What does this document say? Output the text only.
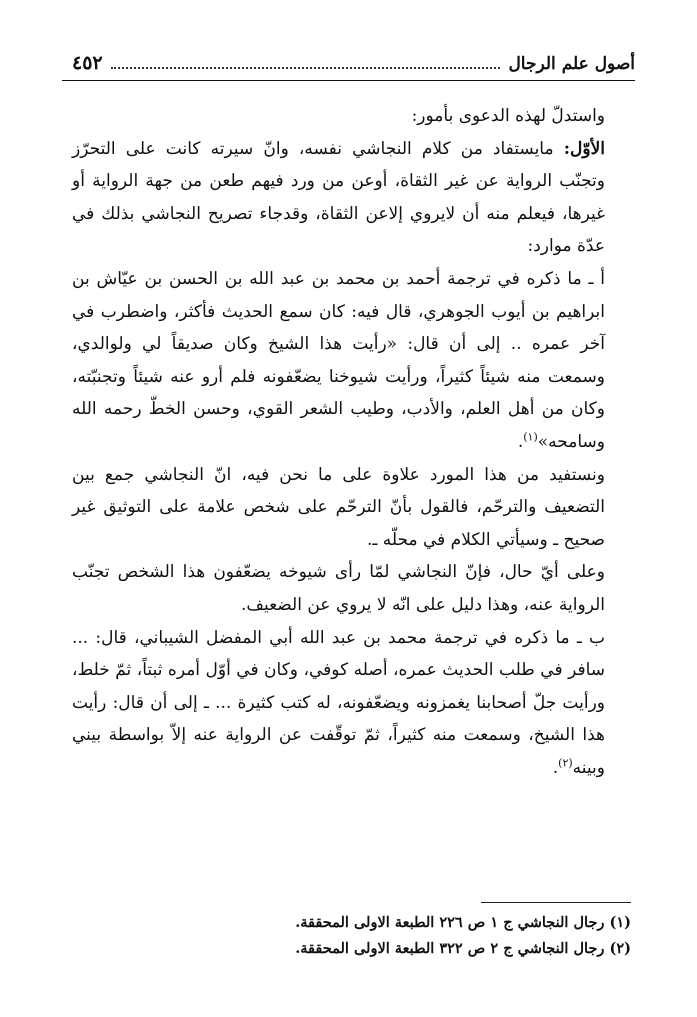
٤٥٢	أصول علم الرجال

واستدلّ لهذه الدعوى بأمور:

الأوّل: مايستفاد من كلام النجاشي نفسه، وانّ سيرته كانت على التحرّز وتجنّب الرواية عن غير الثقاة، أوعن من ورد فيهم طعن من جهة الرواية أو غيرها، فيعلم منه أن لايروي إلاعن الثقاة، وقدجاء تصريح النجاشي بذلك في عدّة موارد:

أ ـ ما ذكره في ترجمة أحمد بن محمد بن عبد الله بن الحسن بن عيّاش بن ابراهيم بن أيوب الجوهري، قال فيه: كان سمع الحديث فأكثر، واضطرب في آخر عمره .. إلى أن قال: «رأيت هذا الشيخ وكان صديقاً لي ولوالدي، وسمعت منه شيئاً كثيراً، ورأيت شيوخنا يضعّفونه فلم أرو عنه شيئاً وتجنبّته، وكان من أهل العلم، والأدب، وطيب الشعر القوي، وحسن الخطّ رحمه الله وسامحه»$^{(١)}$.

ونستفيد من هذا المورد علاوة على ما نحن فيه، انّ النجاشي جمع بين التضعيف والترحّم، فالقول بأنّ الترحّم على شخص علامة على التوثيق غير صحيح ـ وسيأتي الكلام في محلّه ـ.

وعلى أيّ حال، فإنّ النجاشي لمّا رأى شيوخه يضعّفون هذا الشخص تجنّب الرواية عنه، وهذا دليل على انّه لا يروي عن الضعيف.

ب ـ ما ذكره في ترجمة محمد بن عبد الله أبي المفضل الشيباني، قال: ... سافر في طلب الحديث عمره، أصله كوفي، وكان في أوّل أمره ثبتاً، ثمّ خلط، ورأيت جلّ أصحابنا يغمزونه ويضعّفونه، له كتب كثيرة ... ـ إلى أن قال: رأيت هذا الشيخ، وسمعت منه كثيراً، ثمّ توقّفت عن الرواية عنه إلاّ بواسطة بيني وبينه$^{(٢)}$.

(١) رجال النجاشي ج ١ ص ٢٢٦ الطبعة الاولى المحققة.
(٢) رجال النجاشي ج ٢ ص ٣٢٢ الطبعة الاولى المحققة.
